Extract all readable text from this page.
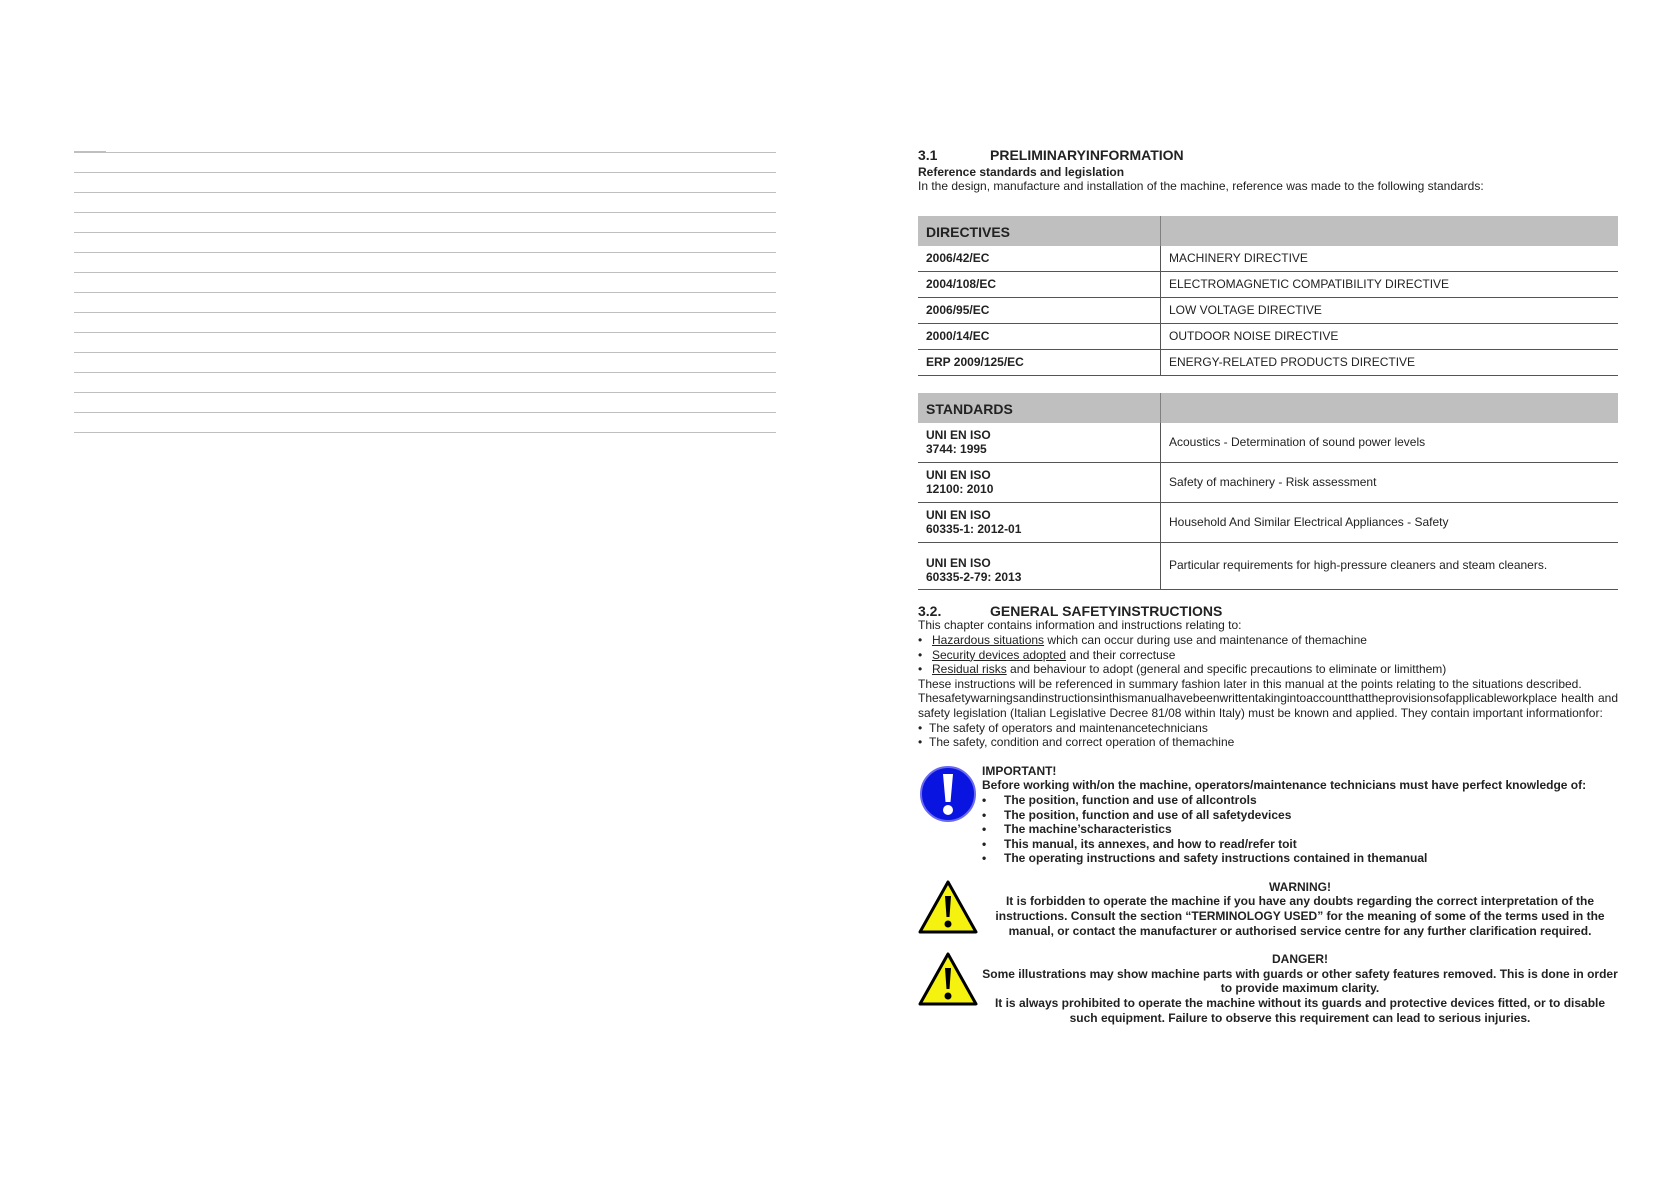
3.1	PRELIMINARYINFORMATION

Reference standards and legislation

In the design, manufacture and installation of the machine, reference was made to the following standards:

DIRECTIVES	
2006/42/EC	MACHINERY DIRECTIVE
2004/108/EC	ELECTROMAGNETIC COMPATIBILITY DIRECTIVE
2006/95/EC	LOW VOLTAGE DIRECTIVE
2000/14/EC	OUTDOOR NOISE DIRECTIVE
ERP 2009/125/EC	ENERGY-RELATED PRODUCTS DIRECTIVE
STANDARDS	

UNI EN ISO
3744: 1995	Acoustics - Determination of sound power levels

UNI EN ISO
12100: 2010	Safety of machinery - Risk assessment

UNI EN ISO
60335-1: 2012-01	Household And Similar Electrical Appliances - Safety

UNI EN ISO
60335-2-79: 2013	Particular requirements for high-pressure cleaners and steam cleaners.
3.2.	GENERAL SAFETYINSTRUCTIONS

This chapter contains information and instructions relating to:

• Hazardous situations which can occur during use and maintenance of themachine
• Security devices adopted and their correctuse
• Residual risks and behaviour to adopt (general and specific precautions to eliminate or limitthem)

These instructions will be referenced in summary fashion later in this manual at the points relating to the situations described.

Thesafetywarningsandinstructionsinthismanualhavebeenwrittentakingintoaccountthattheprovisionsofapplicableworkplace health and safety legislation (Italian Legislative Decree 81/08 within Italy) must be known and applied. They contain important informationfor:

• The safety of operators and maintenancetechnicians
• The safety, condition and correct operation of themachine

IMPORTANT!

Before working with/on the machine, operators/maintenance technicians must have perfect knowledge of:

• The position, function and use of allcontrols
• The position, function and use of all safetydevices
• The machine’scharacteristics
• This manual, its annexes, and how to read/refer toit
• The operating instructions and safety instructions contained in themanual

WARNING!

It is forbidden to operate the machine if you have any doubts regarding the correct interpretation of the instructions. Consult the section “TERMINOLOGY USED” for the meaning of some of the terms used in the manual, or contact the manufacturer or authorised service centre for any further clarification required.

DANGER!

Some illustrations may show machine parts with guards or other safety features removed. This is done in order to provide maximum clarity.

It is always prohibited to operate the machine without its guards and protective devices fitted, or to disable such equipment. Failure to observe this requirement can lead to serious injuries.
